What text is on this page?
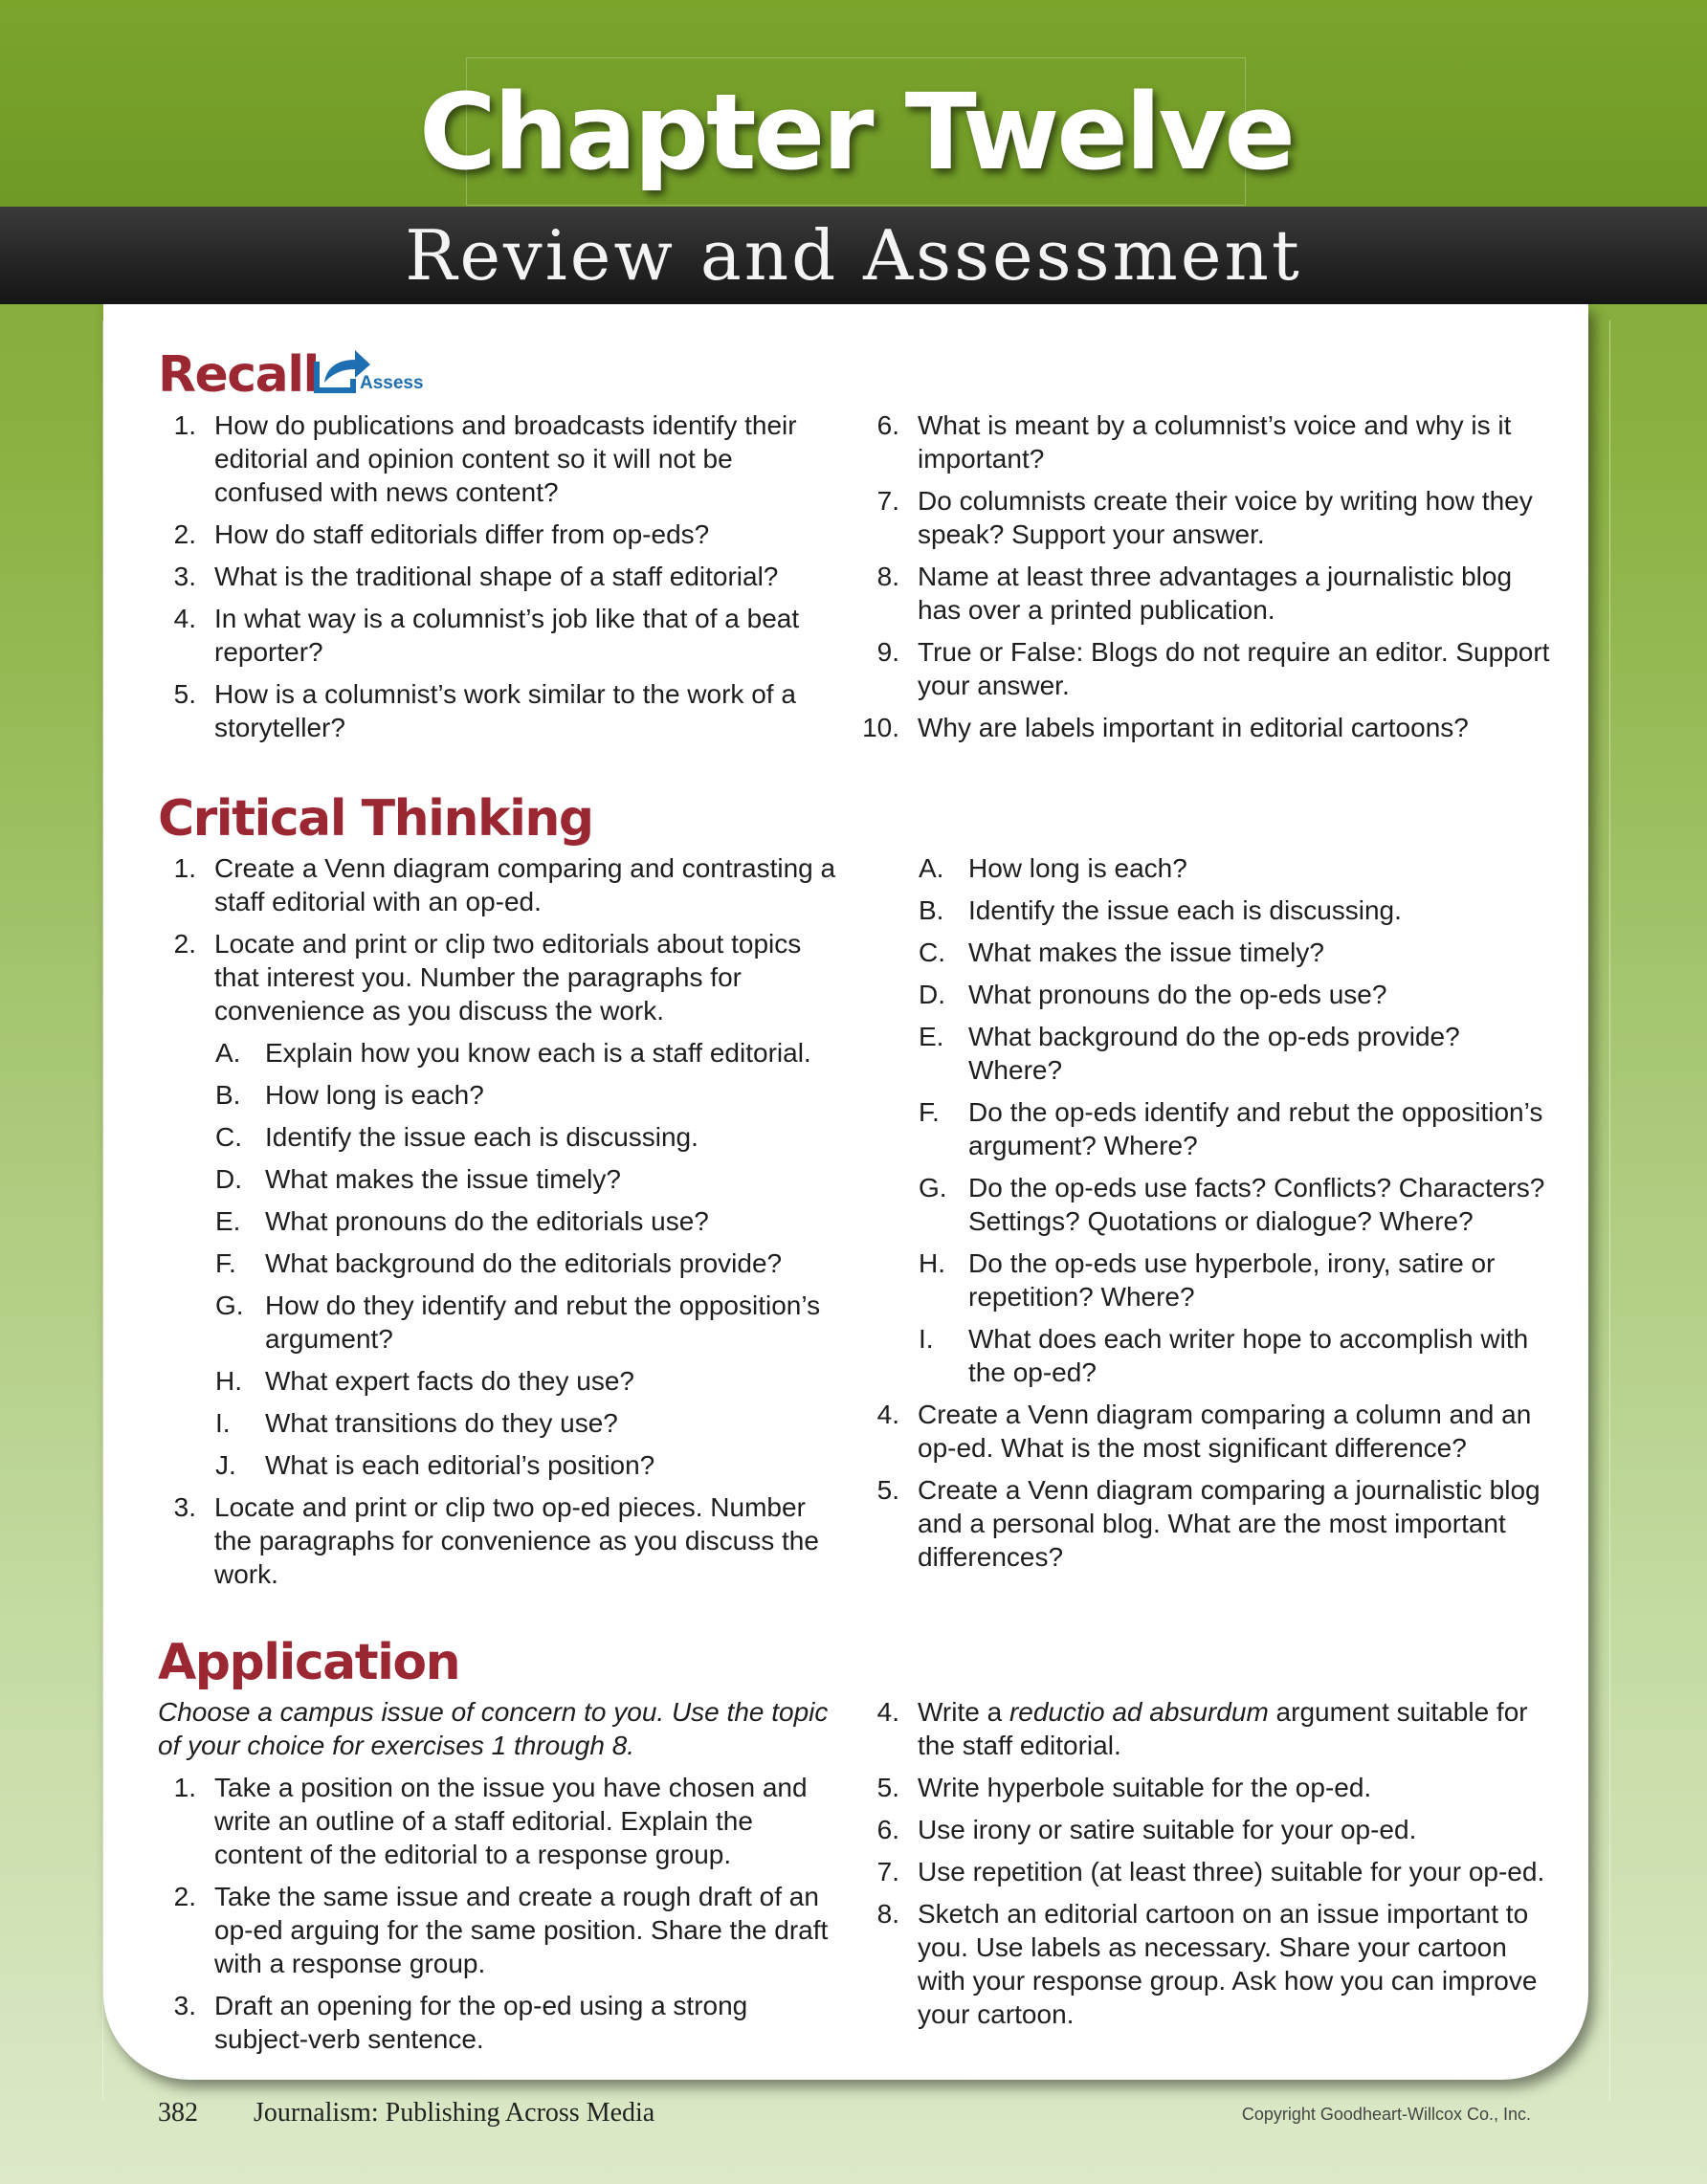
Chapter Twelve
Review and Assessment
Recall Assess
1. How do publications and broadcasts identify their editorial and opinion content so it will not be confused with news content?
2. How do staff editorials differ from op-eds?
3. What is the traditional shape of a staff editorial?
4. In what way is a columnist’s job like that of a beat reporter?
5. How is a columnist’s work similar to the work of a storyteller?
6. What is meant by a columnist’s voice and why is it important?
7. Do columnists create their voice by writing how they speak? Support your answer.
8. Name at least three advantages a journalistic blog has over a printed publication.
9. True or False: Blogs do not require an editor. Support your answer.
10. Why are labels important in editorial cartoons?
Critical Thinking
1. Create a Venn diagram comparing and contrasting a staff editorial with an op-ed.
2. Locate and print or clip two editorials about topics that interest you. Number the paragraphs for convenience as you discuss the work.
A. Explain how you know each is a staff editorial.
B. How long is each?
C. Identify the issue each is discussing.
D. What makes the issue timely?
E. What pronouns do the editorials use?
F. What background do the editorials provide?
G. How do they identify and rebut the opposition’s argument?
H. What expert facts do they use?
I. What transitions do they use?
J. What is each editorial’s position?
3. Locate and print or clip two op-ed pieces. Number the paragraphs for convenience as you discuss the work.
A. How long is each?
B. Identify the issue each is discussing.
C. What makes the issue timely?
D. What pronouns do the op-eds use?
E. What background do the op-eds provide? Where?
F. Do the op-eds identify and rebut the opposition’s argument? Where?
G. Do the op-eds use facts? Conflicts? Characters? Settings? Quotations or dialogue? Where?
H. Do the op-eds use hyperbole, irony, satire or repetition? Where?
I. What does each writer hope to accomplish with the op-ed?
4. Create a Venn diagram comparing a column and an op-ed. What is the most significant difference?
5. Create a Venn diagram comparing a journalistic blog and a personal blog. What are the most important differences?
Application
Choose a campus issue of concern to you. Use the topic of your choice for exercises 1 through 8.
1. Take a position on the issue you have chosen and write an outline of a staff editorial. Explain the content of the editorial to a response group.
2. Take the same issue and create a rough draft of an op-ed arguing for the same position. Share the draft with a response group.
3. Draft an opening for the op-ed using a strong subject-verb sentence.
4. Write a reductio ad absurdum argument suitable for the staff editorial.
5. Write hyperbole suitable for the op-ed.
6. Use irony or satire suitable for your op-ed.
7. Use repetition (at least three) suitable for your op-ed.
8. Sketch an editorial cartoon on an issue important to you. Use labels as necessary. Share your cartoon with your response group. Ask how you can improve your cartoon.
382 Journalism: Publishing Across Media	Copyright Goodheart-Willcox Co., Inc.
